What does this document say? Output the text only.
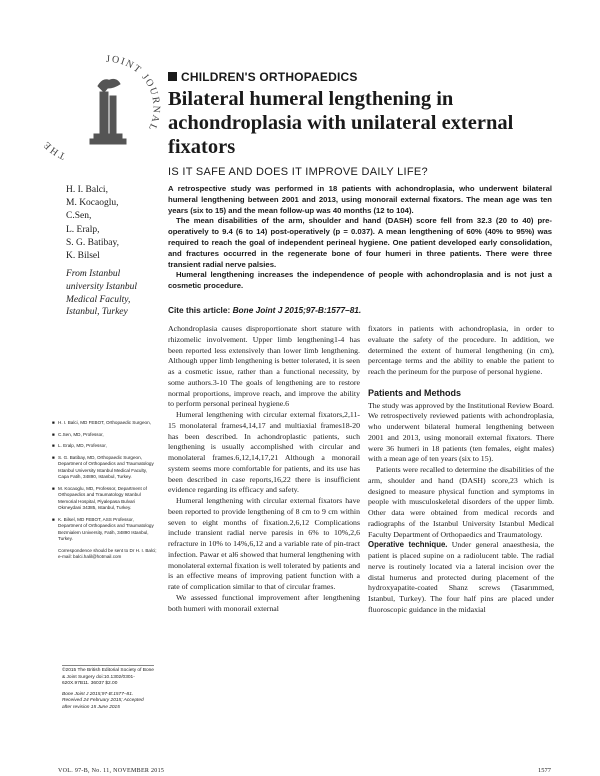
TH
JOINT JOURNAL
CHILDREN'S ORTHOPAEDICS
Bilateral humeral lengthening in achondroplasia with unilateral external fixators
IS IT SAFE AND DOES IT IMPROVE DAILY LIFE?
H. I. Balci,
M. Kocaoglu,
C.Sen,
L. Eralp,
S. G. Batibay,
K. Bilsel
From Istanbul
university Istanbul
Medical Faculty,
Istanbul, Turkey

A retrospective study was performed in 18 patients with achondroplasia, who underwent bilateral humeral lengthening between 2001 and 2013, using monorail external fixators. The mean age was ten years (six to 15) and the mean follow-up was 40 months (12 to 104).

The mean disabilities of the arm, shoulder and hand (DASH) score fell from 32.3 (20 to 40) pre-operatively to 9.4 (6 to 14) post-operatively (p = 0.037). A mean lengthening of 60% (40% to 95%) was required to reach the goal of independent perineal hygiene. One patient developed early consolidation, and fractures occurred in the regenerate bone of four humeri in three patients. There were three transient radial nerve palsies.

Humeral lengthening increases the independence of people with achondroplasia and is not just a cosmetic procedure.

Cite this article: Bone Joint J 2015;97-B:1577–81.

■ H. I. Balci, MD FEBOT, Orthopaedic Surgeon,

■ C.Sen, MD, Professor,

■ L. Eralp, MD, Professor,

■ S. G. Batibay, MD, Orthopaedic Surgeon, Department of Orthopaedics and Traumatology Istanbul University Istanbul Medical Faculty, Capa Fatih, 34890, Istanbul, Turkey.

■ M. Kocaoglu, MD, Professor, Department of Orthopaedics and Traumatology Istanbul Memorial Hospital, Piyalepasa Bulvari Okmeydani 34385, Istanbul, Turkey.

■ K. Bilsel, MD FEBOT, ASS Professor, Department of Orthopaedics and Traumatology Bezmialem University, Fatih, 34890 Istanbul, Turkey.

Correspondence should be sent to Dr H. I. Balci; e-mail: balci.halil@hotmail.com

©2015 The British Editorial Society of Bone & Joint Surgery doi:10.1302/0301-620X.97B11. 36037 $2.00

Bone Joint J 2015;97-B:1577–81. Received 24 February 2015; Accepted after revision 15 June 2015

Achondroplasia causes disproportionate short stature with rhizomelic involvement. Upper limb lengthening1-4 has been reported less extensively than lower limb lengthening. Although upper limb lengthening is better tolerated, it is seen as a cosmetic issue, rather than a functional necessity, by some authors.3-10 The goals of lengthening are to restore normal proportions, improve reach, and improve the ability to perform personal perineal hygiene.6

Humeral lengthening with circular external fixators,2,11-15 monolateral frames4,14,17 and multiaxial frames18-20 has been described. In achondroplastic patients, such lengthening is usually accomplished with circular and monolateral frames.6,12,14,17,21 Although a monorail system seems more comfortable for patients, and its use has been described in case reports,16,22 there is insufficient evidence regarding its efficacy and safety.

Humeral lengthening with circular external fixators have been reported to provide lengthening of 8 cm to 9 cm within seven to eight months of fixation.2,6,12 Complications include transient radial nerve paresis in 6% to 10%,2,6 refracture in 10% to 14%,6,12 and a variable rate of pin-tract infection. Pawar et al6 showed that humeral lengthening with monolateral external fixation is well tolerated by patients and is an effective means of improving patient function with a rate of complication similar to that of circular frames.

We assessed functional improvement after lengthening both humeri with monorail external

fixators in patients with achondroplasia, in order to evaluate the safety of the procedure. In addition, we determined the extent of humeral lengthening (in cm), percentage terms and the ability to enable the patient to reach the perineum for the purpose of personal hygiene.

Patients and Methods

The study was approved by the Institutional Review Board. We retrospectively reviewed patients with achondroplasia, who underwent bilateral humeral lengthening between 2001 and 2013, using monorail external fixators. There were 36 humeri in 18 patients (ten females, eight males) with a mean age of ten years (six to 15).

Patients were recalled to determine the disabilities of the arm, shoulder and hand (DASH) score,23 which is designed to measure physical function and symptoms in people with musculoskeletal disorders of the upper limb. Other data were obtained from medical records and radiographs of the Istanbul University Istanbul Medical Faculty Department of Orthopaedics and Traumatology.

Operative technique. Under general anaesthesia, the patient is placed supine on a radiolucent table. The radial nerve is routinely located via a lateral incision over the distal humerus and protected during placement of the hydroxyapatite-coated Shanz screws (Tasarımmed, Istanbul, Turkey). The four half pins are placed under fluoroscopic guidance in the midaxial

VOL. 97-B, No. 11, NOVEMBER 2015	1577
